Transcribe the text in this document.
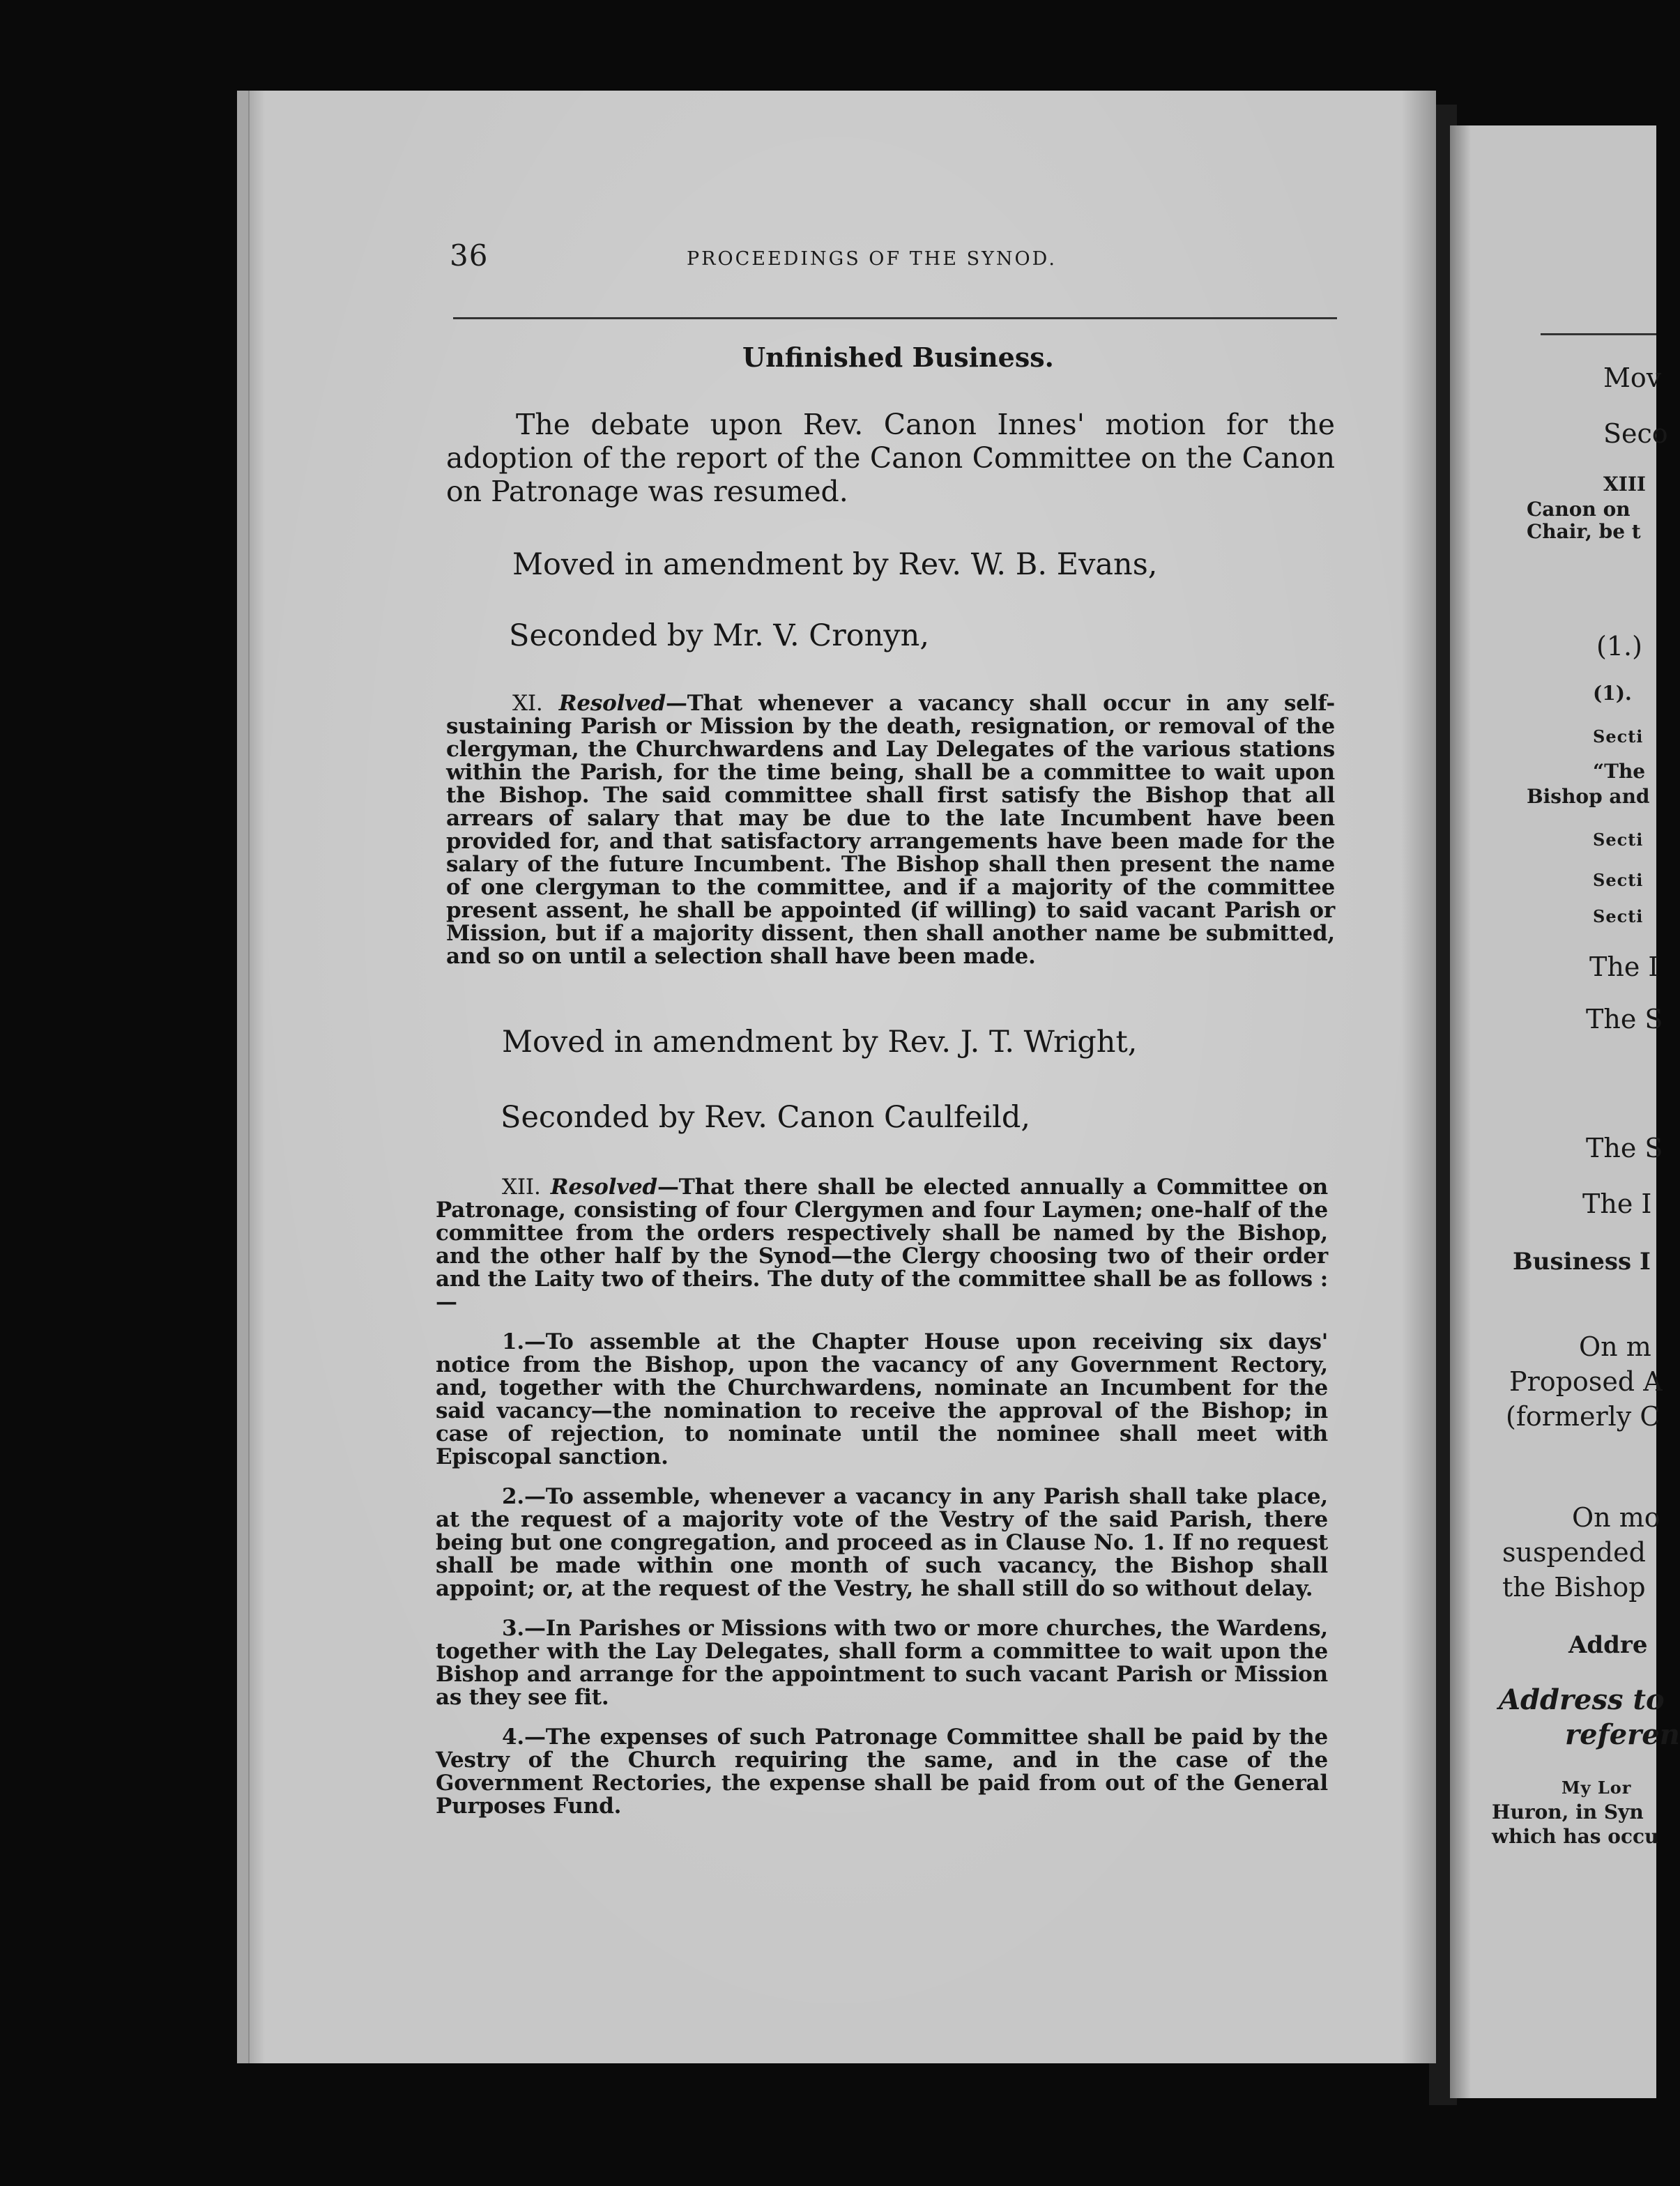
36	PROCEEDINGS OF THE SYNOD.
Unfinished Business.
The debate upon Rev. Canon Innes' motion for the adoption of the report of the Canon Committee on the Canon on Patronage was resumed.
Moved in amendment by Rev. W. B. Evans,
Seconded by Mr. V. Cronyn,
XI. Resolved—That whenever a vacancy shall occur in any self-sustaining Parish or Mission by the death, resignation, or removal of the clergyman, the Churchwardens and Lay Delegates of the various stations within the Parish, for the time being, shall be a committee to wait upon the Bishop. The said committee shall first satisfy the Bishop that all arrears of salary that may be due to the late Incumbent have been provided for, and that satisfactory arrangements have been made for the salary of the future Incumbent. The Bishop shall then present the name of one clergyman to the committee, and if a majority of the committee present assent, he shall be appointed (if willing) to said vacant Parish or Mission, but if a majority dissent, then shall another name be submitted, and so on until a selection shall have been made.
Moved in amendment by Rev. J. T. Wright,
Seconded by Rev. Canon Caulfeild,
XII. Resolved—That there shall be elected annually a Committee on Patronage, consisting of four Clergymen and four Laymen; one-half of the committee from the orders respectively shall be named by the Bishop, and the other half by the Synod—the Clergy choosing two of their order and the Laity two of theirs. The duty of the committee shall be as follows :—
1.—To assemble at the Chapter House upon receiving six days' notice from the Bishop, upon the vacancy of any Government Rectory, and, together with the Churchwardens, nominate an Incumbent for the said vacancy—the nomination to receive the approval of the Bishop; in case of rejection, to nominate until the nominee shall meet with Episcopal sanction.
2.—To assemble, whenever a vacancy in any Parish shall take place, at the request of a majority vote of the Vestry of the said Parish, there being but one congregation, and proceed as in Clause No. 1. If no request shall be made within one month of such vacancy, the Bishop shall appoint; or, at the request of the Vestry, he shall still do so without delay.
3.—In Parishes or Missions with two or more churches, the Wardens, together with the Lay Delegates, shall form a committee to wait upon the Bishop and arrange for the appointment to such vacant Parish or Mission as they see fit.
4.—The expenses of such Patronage Committee shall be paid by the Vestry of the Church requiring the same, and in the case of the Government Rectories, the expense shall be paid from out of the General Purposes Fund.
Mov
Seco
XIII
Canon on
Chair, be t
(1.)
(1).
Secti
“The
Bishop and
Secti
Secti
Secti
The I
The S
The S
The I
Business I
On m
Proposed A
(formerly C
On mo
suspended
the Bishop
Addre
Address to
referen
My Lor
Huron, in Syn
which has occu
